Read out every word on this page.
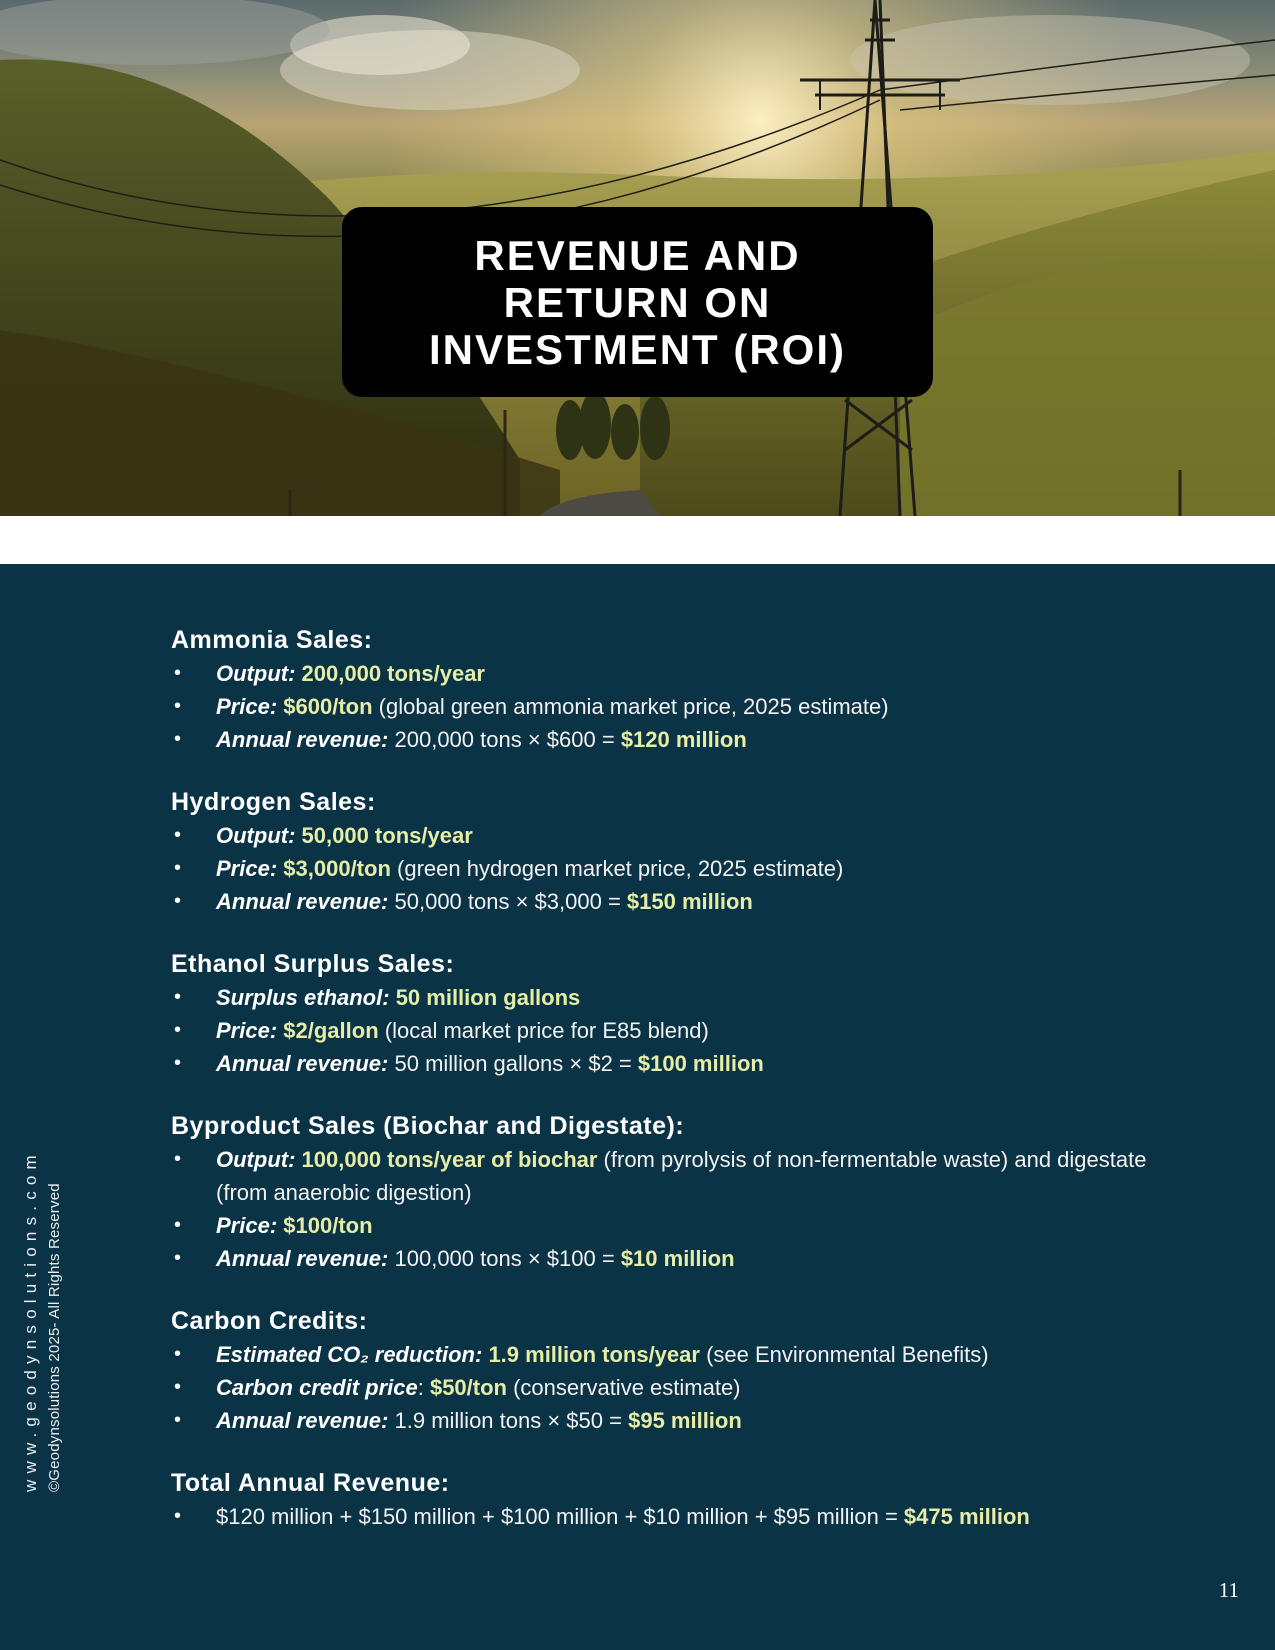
REVENUE AND RETURN ON INVESTMENT (ROI)
Ammonia Sales:
• Output: 200,000 tons/year
• Price: $600/ton (global green ammonia market price, 2025 estimate)
• Annual revenue: 200,000 tons × $600 = $120 million
Hydrogen Sales:
• Output: 50,000 tons/year
• Price: $3,000/ton (green hydrogen market price, 2025 estimate)
• Annual revenue: 50,000 tons × $3,000 = $150 million
Ethanol Surplus Sales:
• Surplus ethanol: 50 million gallons
• Price: $2/gallon (local market price for E85 blend)
• Annual revenue: 50 million gallons × $2 = $100 million
Byproduct Sales (Biochar and Digestate):
• Output: 100,000 tons/year of biochar (from pyrolysis of non-fermentable waste) and digestate (from anaerobic digestion)
• Price: $100/ton
• Annual revenue: 100,000 tons × $100 = $10 million
Carbon Credits:
• Estimated CO₂ reduction: 1.9 million tons/year (see Environmental Benefits)
• Carbon credit price: $50/ton (conservative estimate)
• Annual revenue: 1.9 million tons × $50 = $95 million
Total Annual Revenue:
• $120 million + $150 million + $100 million + $10 million + $95 million = $475 million
www.geodynsolutions.com ©Geodynsolutions 2025- All Rights Reserved
11
